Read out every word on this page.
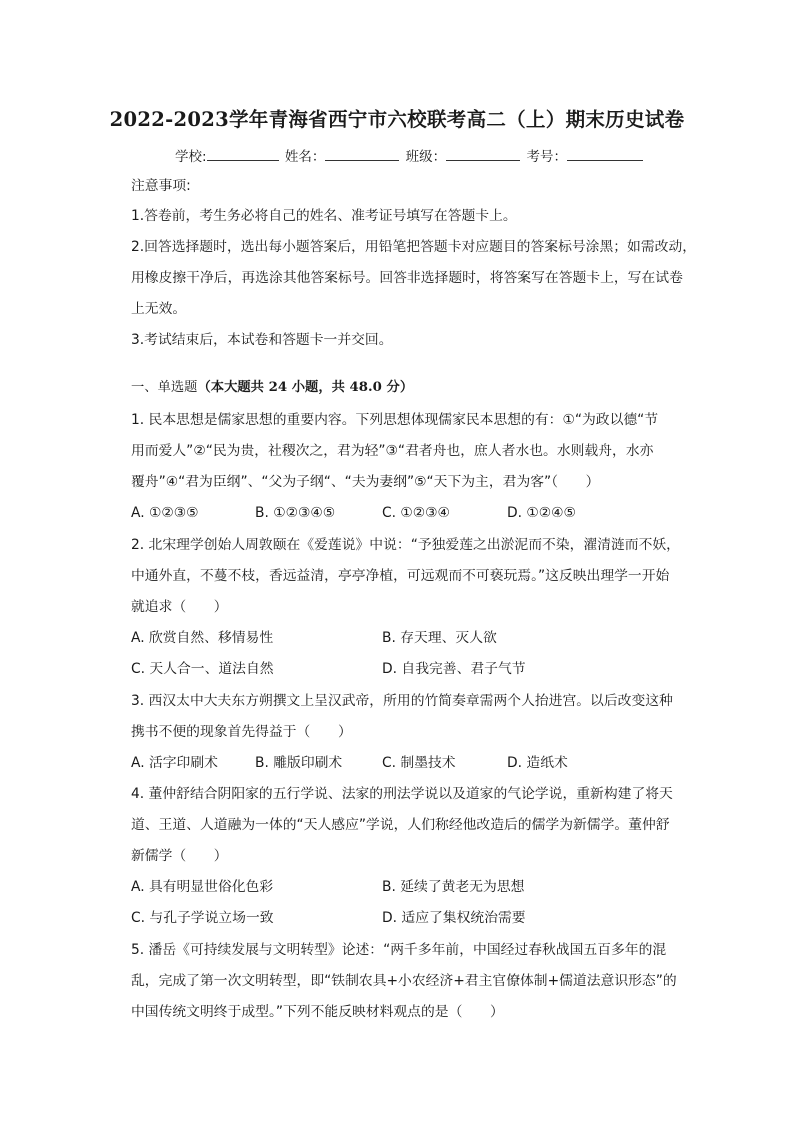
2022-2023学年青海省西宁市六校联考高二（上）期末历史试卷
学校:	姓名：	班级：	考号：
注意事项:
1.答卷前，考生务必将自己的姓名、准考证号填写在答题卡上。
2.回答选择题时，选出每小题答案后，用铅笔把答题卡对应题目的答案标号涂黑；如需改动，
用橡皮擦干净后，再选涂其他答案标号。回答非选择题时，将答案写在答题卡上，写在试卷
上无效。
3.考试结束后，本试卷和答题卡一并交回。
一、单选题（本大题共 24 小题，共 48.0 分）
1. 民本思想是儒家思想的重要内容。下列思想体现儒家民本思想的有：①“为政以德“节
用而爱人”②“民为贵，社稷次之，君为轻”③“君者舟也，庶人者水也。水则载舟，水亦
覆舟”④“君为臣纲”、“父为子纲“、“夫为妻纲”⑤“天下为主，君为客”（　　）
A. ①②③⑤	B. ①②③④⑤	C. ①②③④	D. ①②④⑤
2. 北宋理学创始人周敦颐在《爱莲说》中说：“予独爱莲之出淤泥而不染，濯清涟而不妖，
中通外直，不蔓不枝，香远益清，亭亭净植，可远观而不可亵玩焉。”这反映出理学一开始
就追求（　　）
A. 欣赏自然、移情易性	B. 存天理、灭人欲
C. 天人合一、道法自然	D. 自我完善、君子气节
3. 西汉太中大夫东方朔撰文上呈汉武帝，所用的竹简奏章需两个人抬进宫。以后改变这种
携书不便的现象首先得益于（　　）
A. 活字印刷术	B. 雕版印刷术	C. 制墨技术	D. 造纸术
4. 董仲舒结合阴阳家的五行学说、法家的刑法学说以及道家的气论学说，重新构建了将天
道、王道、人道融为一体的“天人感应”学说，人们称经他改造后的儒学为新儒学。董仲舒
新儒学（　　）
A. 具有明显世俗化色彩	B. 延续了黄老无为思想
C. 与孔子学说立场一致	D. 适应了集权统治需要
5. 潘岳《可持续发展与文明转型》论述：“两千多年前，中国经过春秋战国五百多年的混
乱，完成了第一次文明转型，即“铁制农具+小农经济+君主官僚体制+儒道法意识形态”的
中国传统文明终于成型。”下列不能反映材料观点的是（　　）
